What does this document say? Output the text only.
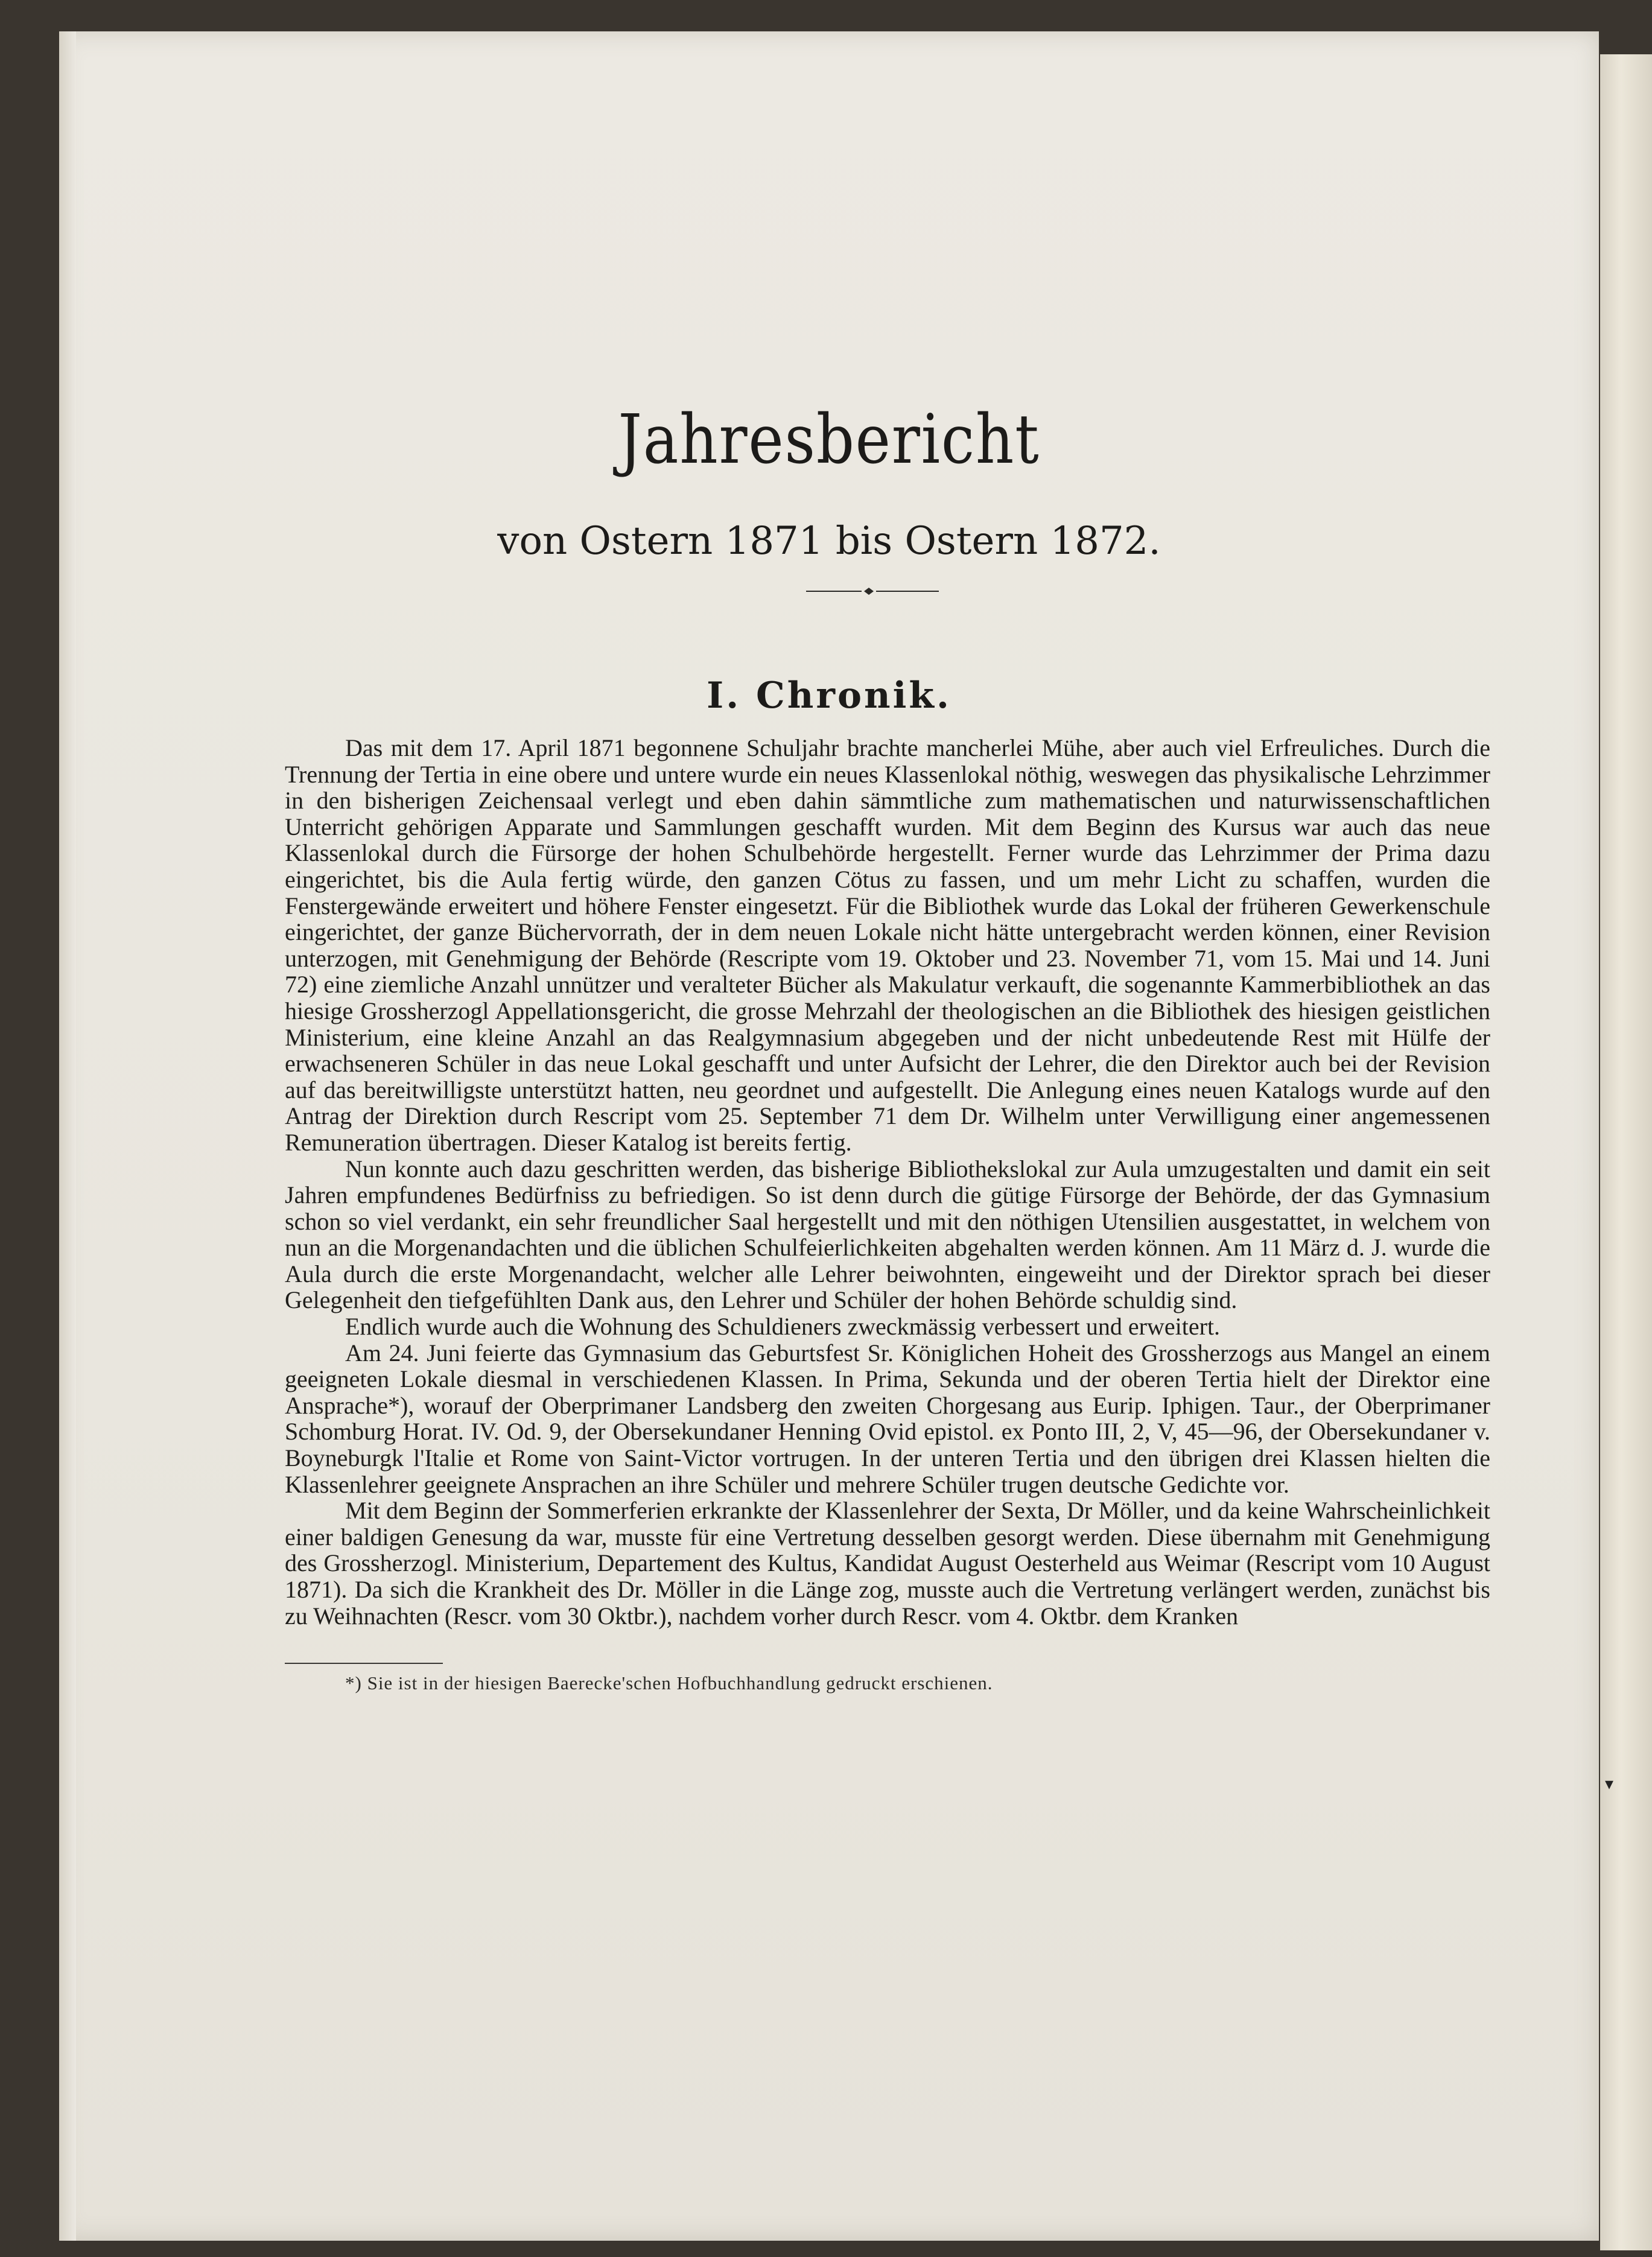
▾
Jahresbericht
von Ostern 1871 bis Ostern 1872.
I. Chronik.

Das mit dem 17. April 1871 begonnene Schuljahr brachte mancherlei Mühe, aber auch viel Erfreuliches. Durch die Trennung der Tertia in eine obere und untere wurde ein neues Klassenlokal nöthig, weswegen das physikalische Lehrzimmer in den bisherigen Zeichensaal verlegt und eben dahin sämmtliche zum mathematischen und naturwissenschaftlichen Unterricht gehörigen Apparate und Sammlungen geschafft wurden. Mit dem Beginn des Kursus war auch das neue Klassenlokal durch die Fürsorge der hohen Schulbehörde hergestellt. Ferner wurde das Lehrzimmer der Prima dazu eingerichtet, bis die Aula fertig würde, den ganzen Cötus zu fassen, und um mehr Licht zu schaffen, wurden die Fenstergewände erweitert und höhere Fenster eingesetzt. Für die Bibliothek wurde das Lokal der früheren Gewerkenschule eingerichtet, der ganze Büchervorrath, der in dem neuen Lokale nicht hätte untergebracht werden können, einer Revision unterzogen, mit Genehmigung der Behörde (Rescripte vom 19. Oktober und 23. November 71, vom 15. Mai und 14. Juni 72) eine ziemliche Anzahl unnützer und veralteter Bücher als Makulatur verkauft, die sogenannte Kammerbibliothek an das hiesige Grossherzogl Appellationsgericht, die grosse Mehrzahl der theologischen an die Bibliothek des hiesigen geistlichen Ministerium, eine kleine Anzahl an das Realgymnasium abgegeben und der nicht unbedeutende Rest mit Hülfe der erwachseneren Schüler in das neue Lokal geschafft und unter Aufsicht der Lehrer, die den Direktor auch bei der Revision auf das bereitwilligste unterstützt hatten, neu geordnet und aufgestellt. Die Anlegung eines neuen Katalogs wurde auf den Antrag der Direktion durch Rescript vom 25. September 71 dem Dr. Wilhelm unter Verwilligung einer angemessenen Remuneration übertragen. Dieser Katalog ist bereits fertig.

Nun konnte auch dazu geschritten werden, das bisherige Bibliothekslokal zur Aula umzugestalten und damit ein seit Jahren empfundenes Bedürfniss zu befriedigen. So ist denn durch die gütige Fürsorge der Behörde, der das Gymnasium schon so viel verdankt, ein sehr freundlicher Saal hergestellt und mit den nöthigen Utensilien ausgestattet, in welchem von nun an die Morgenandachten und die üblichen Schulfeierlichkeiten abgehalten werden können. Am 11 März d. J. wurde die Aula durch die erste Morgenandacht, welcher alle Lehrer beiwohnten, eingeweiht und der Direktor sprach bei dieser Gelegenheit den tiefgefühlten Dank aus, den Lehrer und Schüler der hohen Behörde schuldig sind.

Endlich wurde auch die Wohnung des Schuldieners zweckmässig verbessert und erweitert.

Am 24. Juni feierte das Gymnasium das Geburtsfest Sr. Königlichen Hoheit des Grossherzogs aus Mangel an einem geeigneten Lokale diesmal in verschiedenen Klassen. In Prima, Sekunda und der oberen Tertia hielt der Direktor eine Ansprache*), worauf der Oberprimaner Landsberg den zweiten Chorgesang aus Eurip. Iphigen. Taur., der Oberprimaner Schomburg Horat. IV. Od. 9, der Obersekundaner Henning Ovid epistol. ex Ponto III, 2, V, 45—96, der Obersekundaner v. Boyneburgk l'Italie et Rome von Saint-Victor vortrugen. In der unteren Tertia und den übrigen drei Klassen hielten die Klassenlehrer geeignete Ansprachen an ihre Schüler und mehrere Schüler trugen deutsche Gedichte vor.

Mit dem Beginn der Sommerferien erkrankte der Klassenlehrer der Sexta, Dr Möller, und da keine Wahrscheinlichkeit einer baldigen Genesung da war, musste für eine Vertretung desselben gesorgt werden. Diese übernahm mit Genehmigung des Grossherzogl. Ministerium, Departement des Kultus, Kandidat August Oesterheld aus Weimar (Rescript vom 10 August 1871). Da sich die Krankheit des Dr. Möller in die Länge zog, musste auch die Vertretung verlängert werden, zunächst bis zu Weihnachten (Rescr. vom 30 Oktbr.), nachdem vorher durch Rescr. vom 4. Oktbr. dem Kranken

*) Sie ist in der hiesigen Baerecke'schen Hofbuchhandlung gedruckt erschienen.
